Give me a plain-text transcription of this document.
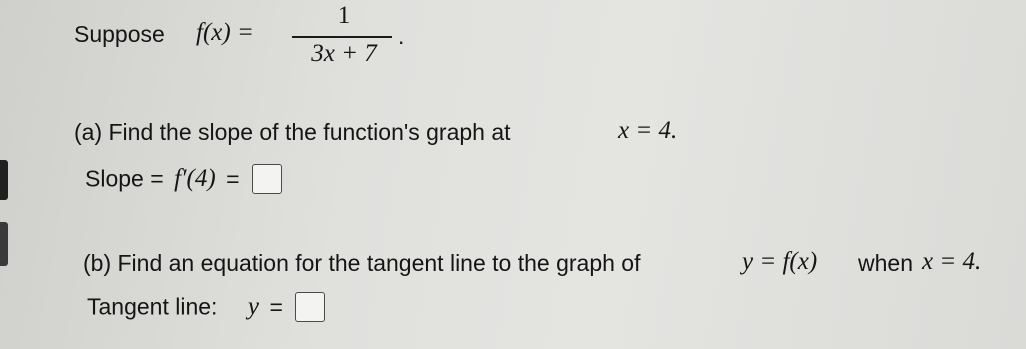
Suppose f(x) =
1
3x + 7
.
(a) Find the slope of the function's graph at	x = 4.
Slope = f′(4) =
(b) Find an equation for the tangent line to the graph of	y = f(x) when x = 4.
Tangent line: y =
